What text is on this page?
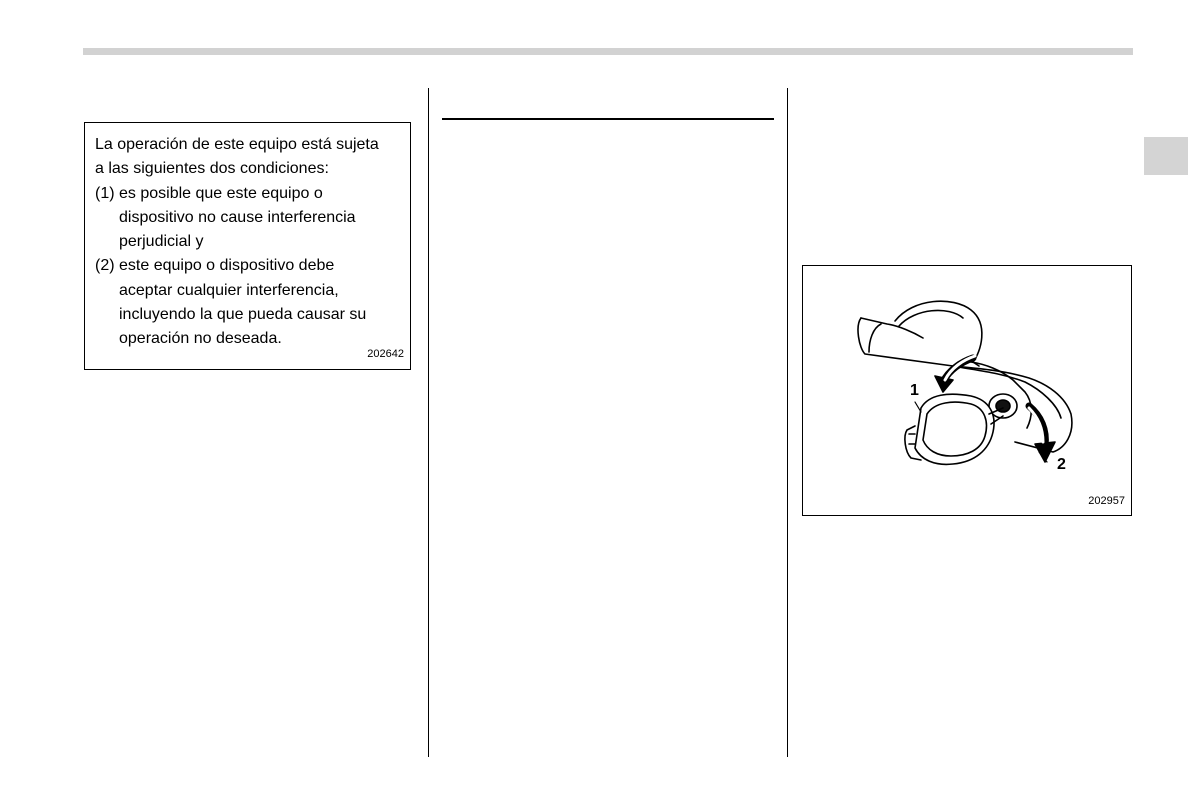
La operación de este equipo está sujeta
a las siguientes dos condiciones:
(1) es posible que este equipo o
dispositivo no cause interferencia
perjudicial y
(2) este equipo o dispositivo debe
aceptar cualquier interferencia,
incluyendo la que pueda causar su
operación no deseada.

202642
1
2
202957
